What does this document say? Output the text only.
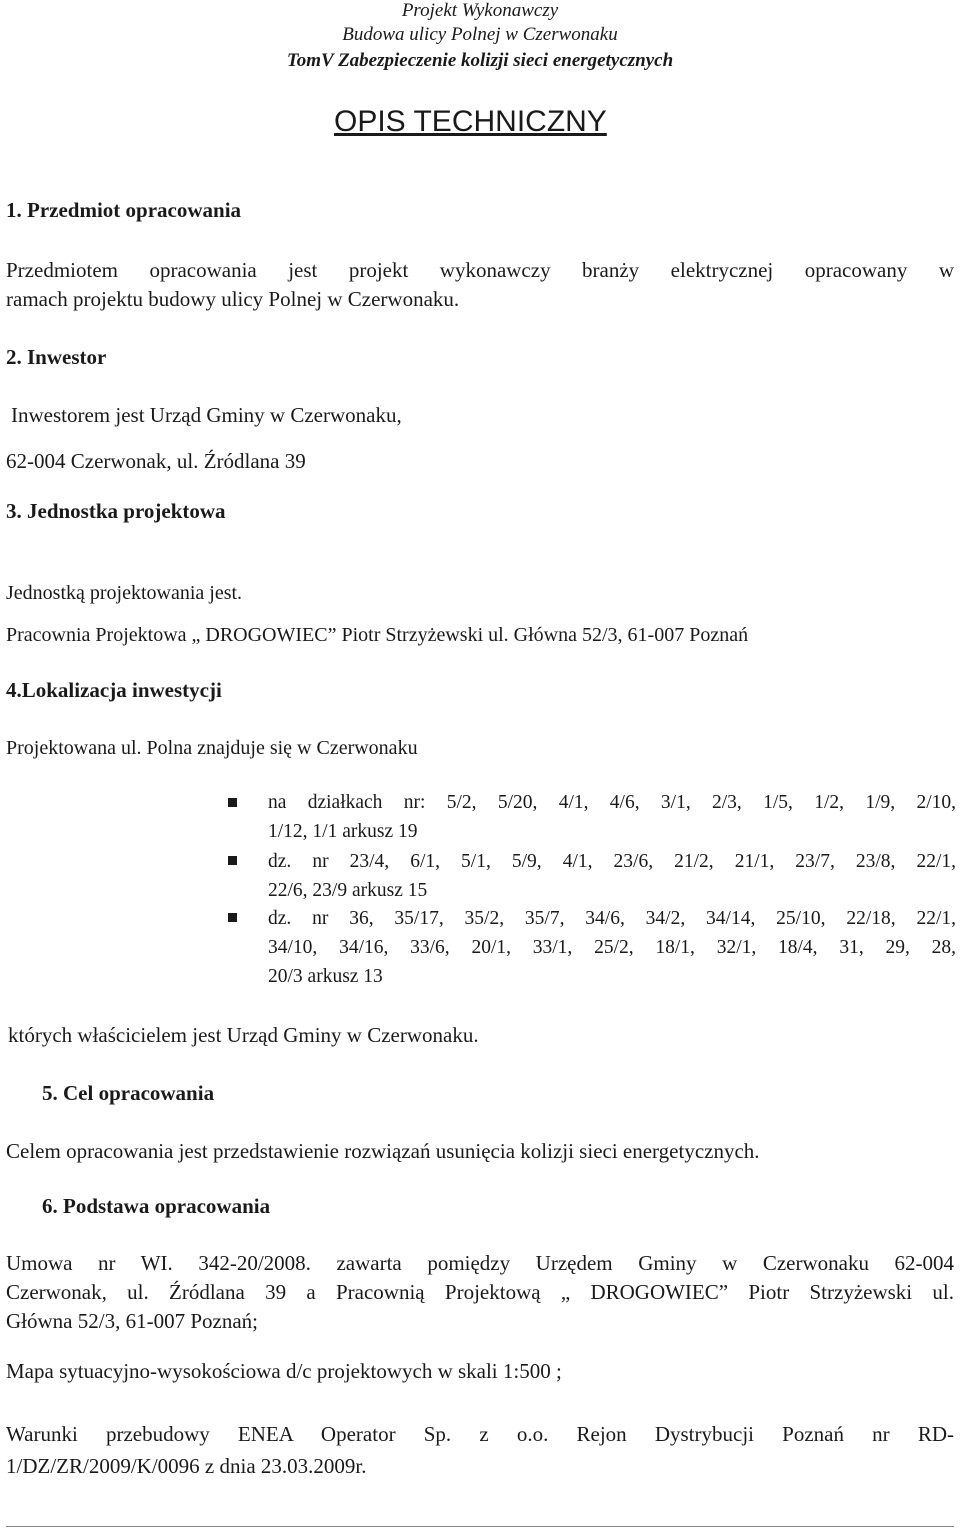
Projekt Wykonawczy
Budowa ulicy Polnej w Czerwonaku
TomV Zabezpieczenie kolizji sieci energetycznych
OPIS TECHNICZNY
1. Przedmiot opracowania
Przedmiotem opracowania jest projekt wykonawczy branży elektrycznej opracowany w
ramach projektu budowy ulicy Polnej w Czerwonaku.
2. Inwestor
Inwestorem jest Urząd Gminy w Czerwonaku,
62-004 Czerwonak, ul. Źródlana 39
3. Jednostka projektowa
Jednostką projektowania jest.
Pracownia Projektowa „ DROGOWIEC” Piotr Strzyżewski ul. Główna 52/3, 61-007 Poznań
4.Lokalizacja inwestycji
Projektowana ul. Polna znajduje się w Czerwonaku
na działkach nr: 5/2, 5/20, 4/1, 4/6, 3/1, 2/3, 1/5, 1/2, 1/9, 2/10,
1/12, 1/1 arkusz 19
dz. nr 23/4, 6/1, 5/1, 5/9, 4/1, 23/6, 21/2, 21/1, 23/7, 23/8, 22/1,
22/6, 23/9 arkusz 15
dz. nr 36, 35/17, 35/2, 35/7, 34/6, 34/2, 34/14, 25/10, 22/18, 22/1,
34/10, 34/16, 33/6, 20/1, 33/1, 25/2, 18/1, 32/1, 18/4, 31, 29, 28,
20/3 arkusz 13
których właścicielem jest Urząd Gminy w Czerwonaku.
5. Cel opracowania
Celem opracowania jest przedstawienie rozwiązań usunięcia kolizji sieci energetycznych.
6. Podstawa opracowania
Umowa nr WI. 342-20/2008. zawarta pomiędzy Urzędem Gminy w Czerwonaku 62-004
Czerwonak, ul. Źródlana 39 a Pracownią Projektową „ DROGOWIEC” Piotr Strzyżewski ul.
Główna 52/3, 61-007 Poznań;
Mapa sytuacyjno-wysokościowa d/c projektowych w skali 1:500 ;
Warunki przebudowy ENEA Operator Sp. z o.o. Rejon Dystrybucji Poznań nr RD-
1/DZ/ZR/2009/K/0096 z dnia 23.03.2009r.
